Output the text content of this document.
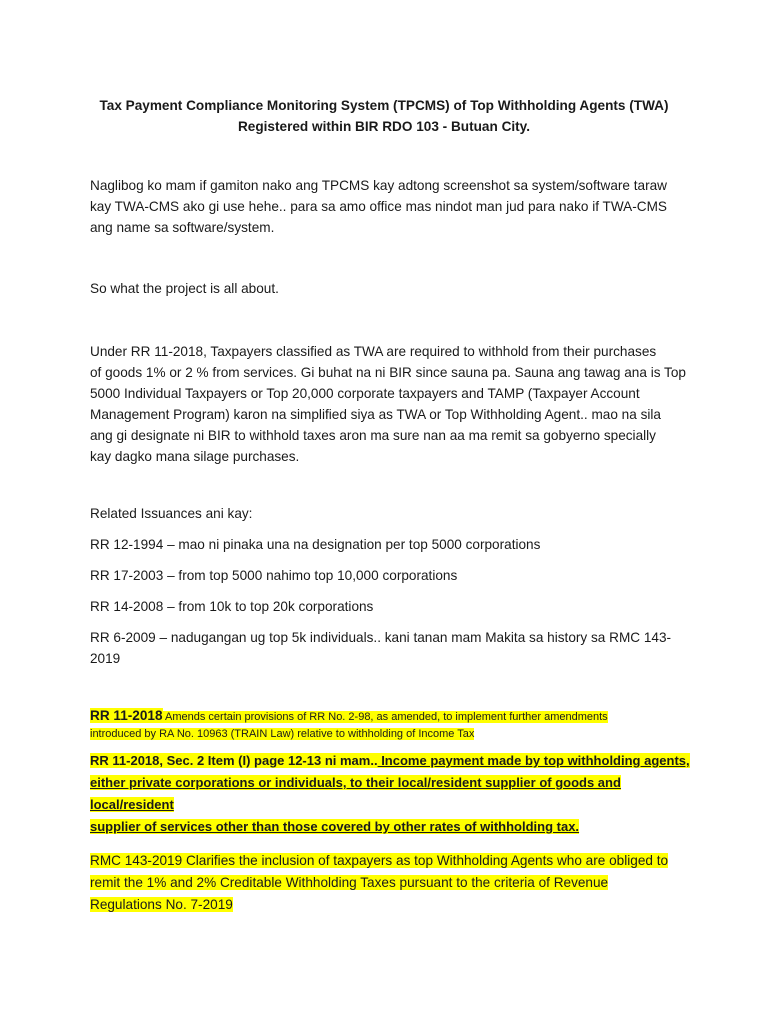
Tax Payment Compliance Monitoring System (TPCMS) of Top Withholding Agents (TWA)
Registered within BIR RDO 103 - Butuan City.

Naglibog ko mam if gamiton nako ang TPCMS kay adtong screenshot sa system/software taraw

kay TWA-CMS ako gi use hehe.. para sa amo office mas nindot man jud para nako if TWA-CMS

ang name sa software/system.

So what the project is all about.

Under RR 11-2018, Taxpayers classified as TWA are required to withhold from their purchases

of goods 1% or 2 % from services. Gi buhat na ni BIR since sauna pa. Sauna ang tawag ana is Top

5000 Individual Taxpayers or Top 20,000 corporate taxpayers and TAMP (Taxpayer Account

Management Program) karon na simplified siya as TWA or Top Withholding Agent.. mao na sila

ang gi designate ni BIR to withhold taxes aron ma sure nan aa ma remit sa gobyerno specially

kay dagko mana silage purchases.

Related Issuances ani kay:

RR 12-1994 – mao ni pinaka una na designation per top 5000 corporations

RR 17-2003 – from top 5000 nahimo top 10,000 corporations

RR 14-2008 – from 10k to top 20k corporations

RR 6-2009 – nadugangan ug top 5k individuals.. kani tanan mam Makita sa history sa RMC 143-

2019

RR 11-2018 Amends certain provisions of RR No. 2-98, as amended, to implement further amendments

introduced by RA No. 10963 (TRAIN Law) relative to withholding of Income Tax

RR 11-2018, Sec. 2 Item (I) page 12-13 ni mam.. Income payment made by top withholding agents,

either private corporations or individuals, to their local/resident supplier of goods and local/resident

supplier of services other than those covered by other rates of withholding tax.

RMC 143-2019 Clarifies the inclusion of taxpayers as top Withholding Agents who are obliged to

remit the 1% and 2% Creditable Withholding Taxes pursuant to the criteria of Revenue

Regulations No. 7-2019
